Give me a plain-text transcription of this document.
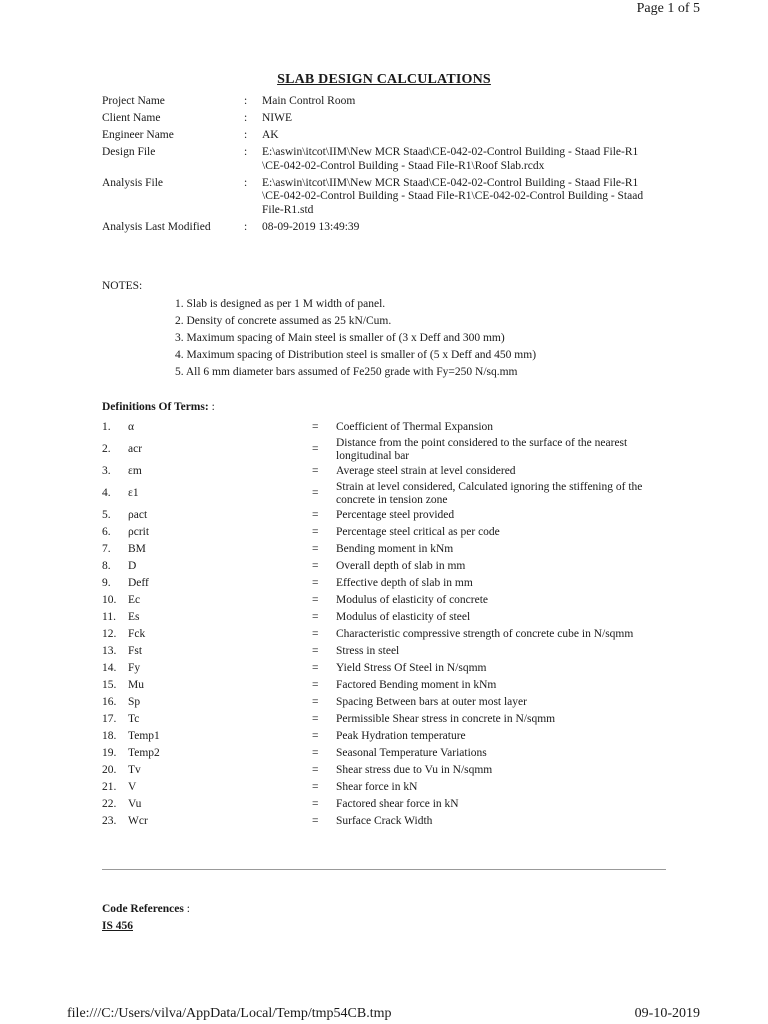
Page 1 of 5
SLAB DESIGN CALCULATIONS
Project Name	:	Main Control Room
Client Name	:	NIWE
Engineer Name	:	AK
Design File	:	E:\aswin\itcot\IIM\New MCR Staad\CE-042-02-Control Building - Staad File-R1
\CE-042-02-Control Building - Staad File-R1\Roof Slab.rcdx
Analysis File	:	E:\aswin\itcot\IIM\New MCR Staad\CE-042-02-Control Building - Staad File-R1
\CE-042-02-Control Building - Staad File-R1\CE-042-02-Control Building - Staad
File-R1.std
Analysis Last Modified	:	08-09-2019 13:49:39
NOTES:
1. Slab is designed as per 1 M width of panel.
2. Density of concrete assumed as 25 kN/Cum.
3. Maximum spacing of Main steel is smaller of (3 x Deff and 300 mm)
4. Maximum spacing of Distribution steel is smaller of (5 x Deff and 450 mm)
5. All 6 mm diameter bars assumed of Fe250 grade with Fy=250 N/sq.mm
Definitions Of Terms: :
1.	α	=	Coefficient of Thermal Expansion
2.	acr	=
Distance from the point considered to the surface of the nearest longitudinal bar
3.	εm	=	Average steel strain at level considered
4.	ε1	=
Strain at level considered, Calculated ignoring the stiffening of the concrete in tension zone
5.	ρact	=	Percentage steel provided
6.	ρcrit	=	Percentage steel critical as per code
7.	BM	=	Bending moment in kNm
8.	D	=	Overall depth of slab in mm
9.	Deff	=	Effective depth of slab in mm
10.	Ec	=	Modulus of elasticity of concrete
11.	Es	=	Modulus of elasticity of steel
12.	Fck	=	Characteristic compressive strength of concrete cube in N/sqmm
13.	Fst	=	Stress in steel
14.	Fy	=	Yield Stress Of Steel in N/sqmm
15.	Mu	=	Factored Bending moment in kNm
16.	Sp	=	Spacing Between bars at outer most layer
17.	Tc	=	Permissible Shear stress in concrete in N/sqmm
18.	Temp1	=	Peak Hydration temperature
19.	Temp2	=	Seasonal Temperature Variations
20.	Tv	=	Shear stress due to Vu in N/sqmm
21.	V	=	Shear force in kN
22.	Vu	=	Factored shear force in kN
23.	Wcr	=	Surface Crack Width
Code References :
IS 456
file:///C:/Users/vilva/AppData/Local/Temp/tmp54CB.tmp	09-10-2019
